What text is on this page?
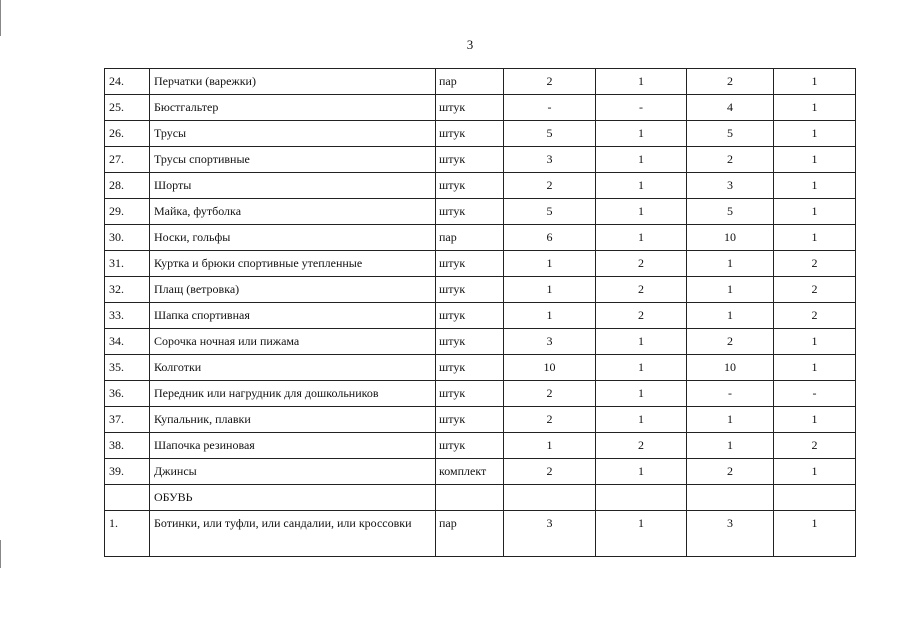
3
24.	Перчатки (варежки)	пар	2	1	2	1
25.	Бюстгальтер	штук	-	-	4	1
26.	Трусы	штук	5	1	5	1
27.	Трусы спортивные	штук	3	1	2	1
28.	Шорты	штук	2	1	3	1
29.	Майка, футболка	штук	5	1	5	1
30.	Носки, гольфы	пар	6	1	10	1
31.	Куртка и брюки спортивные утепленные	штук	1	2	1	2
32.	Плащ (ветровка)	штук	1	2	1	2
33.	Шапка спортивная	штук	1	2	1	2
34.	Сорочка ночная или пижама	штук	3	1	2	1
35.	Колготки	штук	10	1	10	1
36.	Передник или нагрудник для дошкольников	штук	2	1	-	-
37.	Купальник, плавки	штук	2	1	1	1
38.	Шапочка резиновая	штук	1	2	1	2
39.	Джинсы	комплект	2	1	2	1
	ОБУВЬ					
1.	Ботинки, или туфли, или сандалии, или кроссовки	пар	3	1	3	1
